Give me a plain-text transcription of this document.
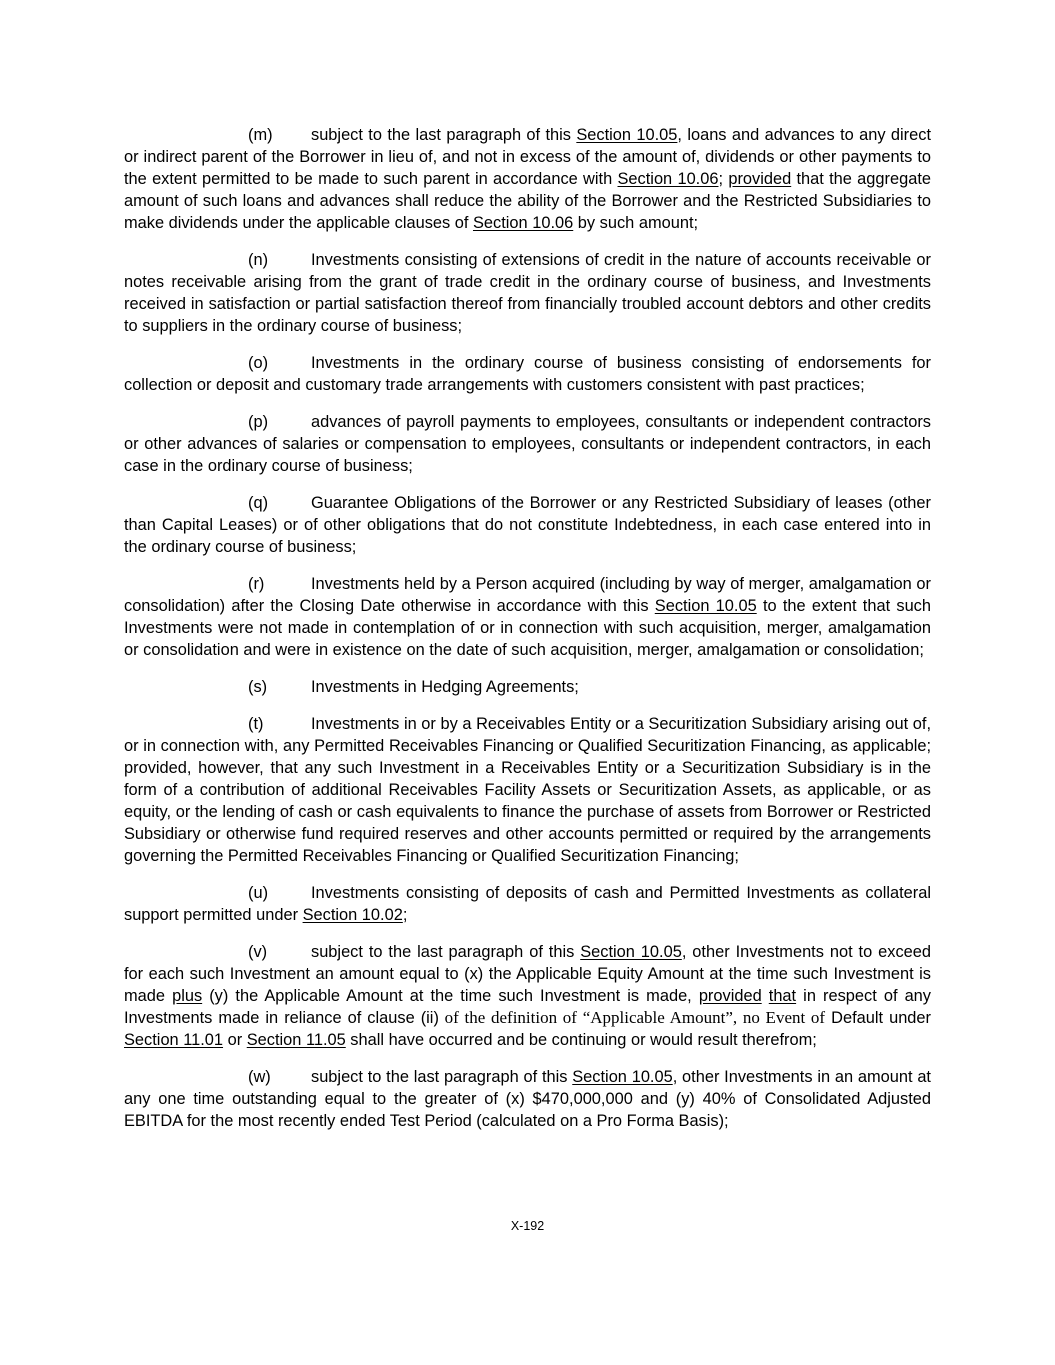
(m) subject to the last paragraph of this Section 10.05, loans and advances to any direct or indirect parent of the Borrower in lieu of, and not in excess of the amount of, dividends or other payments to the extent permitted to be made to such parent in accordance with Section 10.06; provided that the aggregate amount of such loans and advances shall reduce the ability of the Borrower and the Restricted Subsidiaries to make dividends under the applicable clauses of Section 10.06 by such amount;

(n)	Investments consisting of extensions of credit in the nature of accounts receivable or notes receivable arising from the grant of trade credit in the ordinary course of business, and Investments received in satisfaction or partial satisfaction thereof from financially troubled account debtors and other credits to suppliers in the ordinary course of business;

(o)	Investments in the ordinary course of business consisting of endorsements for collection or deposit and customary trade arrangements with customers consistent with past practices;

(p)	advances of payroll payments to employees, consultants or independent contractors or other advances of salaries or compensation to employees, consultants or independent contractors, in each case in the ordinary course of business;

(q)	Guarantee Obligations of the Borrower or any Restricted Subsidiary of leases (other than Capital Leases) or of other obligations that do not constitute Indebtedness, in each case entered into in the ordinary course of business;

(r)	Investments held by a Person acquired (including by way of merger, amalgamation or consolidation) after the Closing Date otherwise in accordance with this Section 10.05 to the extent that such Investments were not made in contemplation of or in connection with such acquisition, merger, amalgamation or consolidation and were in existence on the date of such acquisition, merger, amalgamation or consolidation;

(s)	Investments in Hedging Agreements;

(t)	Investments in or by a Receivables Entity or a Securitization Subsidiary arising out of, or in connection with, any Permitted Receivables Financing or Qualified Securitization Financing, as applicable; provided, however, that any such Investment in a Receivables Entity or a Securitization Subsidiary is in the form of a contribution of additional Receivables Facility Assets or Securitization Assets, as applicable, or as equity, or the lending of cash or cash equivalents to finance the purchase of assets from Borrower or Restricted Subsidiary or otherwise fund required reserves and other accounts permitted or required by the arrangements governing the Permitted Receivables Financing or Qualified Securitization Financing;

(u)	Investments consisting of deposits of cash and Permitted Investments as collateral support permitted under Section 10.02;

(v)	subject to the last paragraph of this Section 10.05, other Investments not to exceed for each such Investment an amount equal to (x) the Applicable Equity Amount at the time such Investment is made plus (y) the Applicable Amount at the time such Investment is made, provided that in respect of any Investments made in reliance of clause (ii) of the definition of “Applicable Amount”, no Event of Default under Section 11.01 or Section 11.05 shall have occurred and be continuing or would result therefrom;

(w) subject to the last paragraph of this Section 10.05, other Investments in an amount at any one time outstanding equal to the greater of (x) $470,000,000 and (y) 40% of Consolidated Adjusted EBITDA for the most recently ended Test Period (calculated on a Pro Forma Basis);

X-192
